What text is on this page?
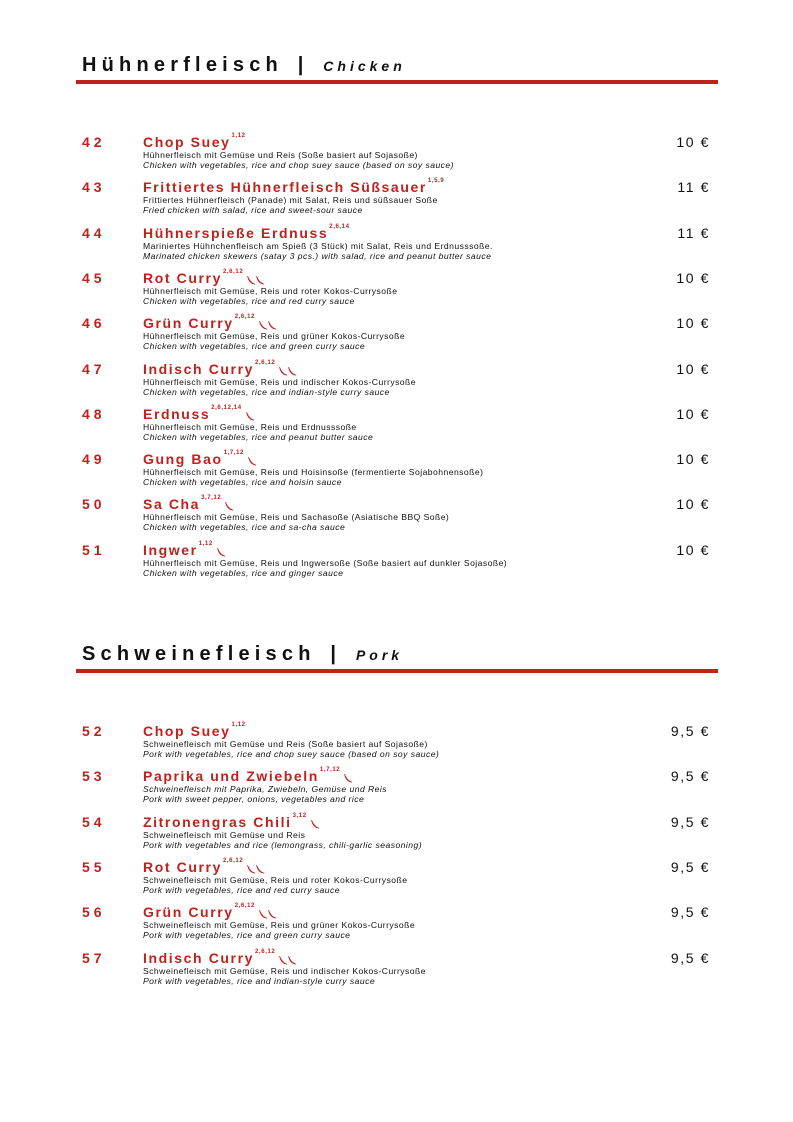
Hühnerfleisch | Chicken
42	Chop Suey$^{1,12}$
Hühnerfleisch mit Gemüse und Reis (Soße basiert auf Sojasoße)
Chicken with vegetables, rice and chop suey sauce (based on soy sauce)
10 €
43	Frittiertes Hühnerfleisch Süßsauer$^{1,5,9}$
Frittiertes Hühnerfleisch (Panade) mit Salat, Reis und süßsauer Soße
Fried chicken with salad, rice and sweet-sour sauce
11 €
44	Hühnerspieße Erdnuss$^{2,6,14}$
Mariniertes Hühnchenfleisch am Spieß (3 Stück) mit Salat, Reis und Erdnusssoße.
Marinated chicken skewers (satay 3 pcs.) with salad, rice and peanut butter sauce
11 €
45	Rot Curry$^{2,6,12}$
Hühnerfleisch mit Gemüse, Reis und roter Kokos-Currysoße
Chicken with vegetables, rice and red curry sauce
10 €
46	Grün Curry$^{2,6,12}$
Hühnerfleisch mit Gemüse, Reis und grüner Kokos-Currysoße
Chicken with vegetables, rice and green curry sauce
10 €
47	Indisch Curry$^{2,6,12}$
Hühnerfleisch mit Gemüse, Reis und indischer Kokos-Currysoße
Chicken with vegetables, rice and indian-style curry sauce
10 €
48	Erdnuss$^{2,6,12,14}$
Hühnerfleisch mit Gemüse, Reis und Erdnusssoße
Chicken with vegetables, rice and peanut butter sauce
10 €
49	Gung Bao$^{1,7,12}$
Hühnerfleisch mit Gemüse, Reis und Hoisinsoße (fermentierte Sojabohnensoße)
Chicken with vegetables, rice and hoisin sauce
10 €
50	Sa Cha$^{3,7,12}$
Hühnerfleisch mit Gemüse, Reis und Sachasoße (Asiatische BBQ Soße)
Chicken with vegetables, rice and sa-cha sauce
10 €
51	Ingwer$^{1,12}$
Hühnerfleisch mit Gemüse, Reis und Ingwersoße (Soße basiert auf dunkler Sojasoße)
Chicken with vegetables, rice and ginger sauce
10 €
Schweinefleisch | Pork
52	Chop Suey$^{1,12}$
Schweinefleisch mit Gemüse und Reis (Soße basiert auf Sojasoße)
Pork with vegetables, rice and chop suey sauce (based on soy sauce)
9,5 €
53	Paprika und Zwiebeln$^{1,7,12}$
Schweinefleisch mit Paprika, Zwiebeln, Gemüse und Reis
Pork with sweet pepper, onions, vegetables and rice
9,5 €
54	Zitronengras Chili$^{3,12}$
Schweinefleisch mit Gemüse und Reis
Pork with vegetables and rice (lemongrass, chili-garlic seasoning)
9,5 €
55	Rot Curry$^{2,6,12}$
Schweinefleisch mit Gemüse, Reis und roter Kokos-Currysoße
Pork with vegetables, rice and red curry sauce
9,5 €
56	Grün Curry$^{2,6,12}$
Schweinefleisch mit Gemüse, Reis und grüner Kokos-Currysoße
Pork with vegetables, rice and green curry sauce
9,5 €
57	Indisch Curry$^{2,6,12}$
Schweinefleisch mit Gemüse, Reis und indischer Kokos-Currysoße
Pork with vegetables, rice and indian-style curry sauce
9,5 €
